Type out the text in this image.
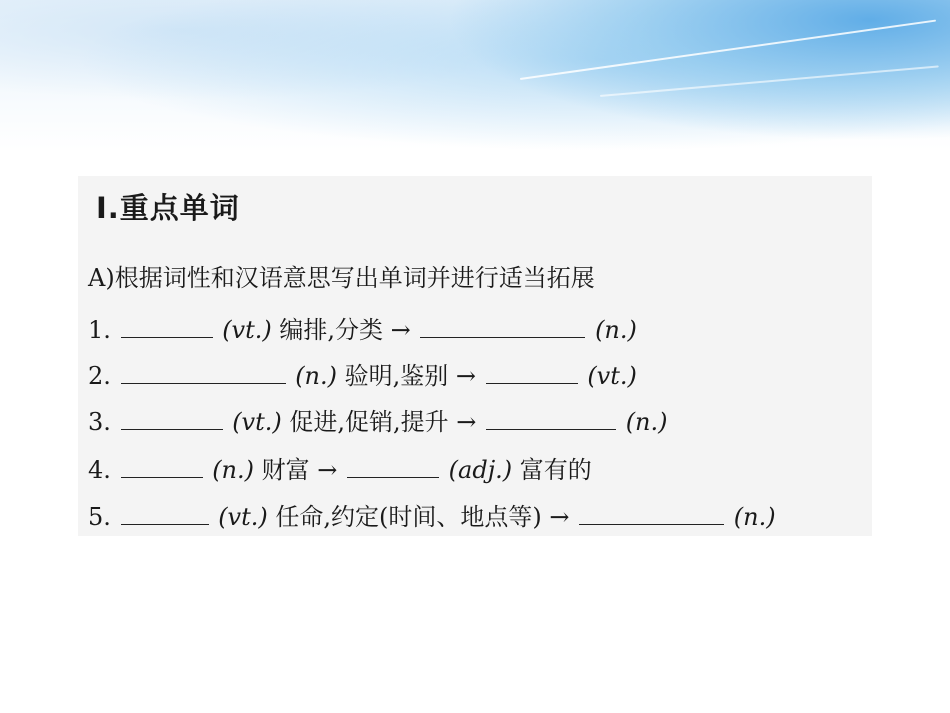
Ⅰ.重点单词
A)根据词性和汉语意思写出单词并进行适当拓展
1.	(vt.) 编排,分类 →	(n.)
2.	(n.) 验明,鉴别 →	(vt.)
3.	(vt.) 促进,促销,提升 →	(n.)
4.	(n.) 财富 →	(adj.) 富有的
5.	(vt.) 任命,约定(时间、地点等) →	(n.)
